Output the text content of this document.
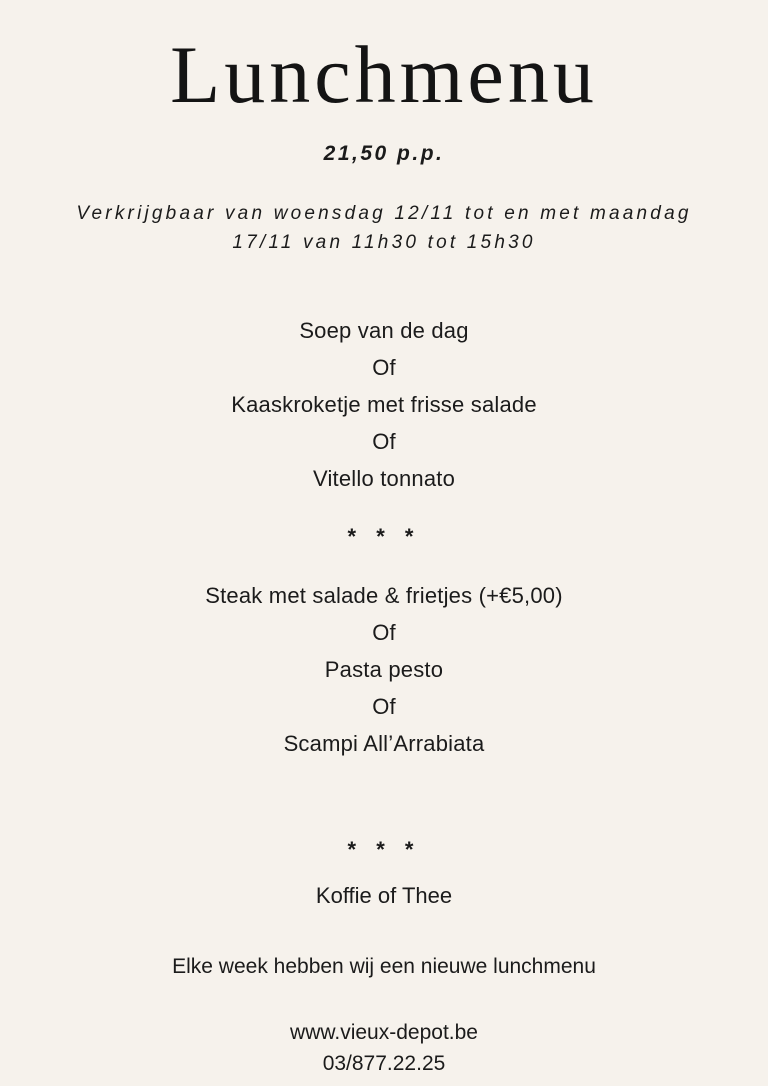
Lunchmenu
21,50 p.p.
Verkrijgbaar van woensdag 12/11 tot en met maandag 17/11 van 11h30 tot 15h30
Soep van de dag
Of
Kaaskroketje met frisse salade
Of
Vitello tonnato
* * *
Steak met salade & frietjes (+€5,00)
Of
Pasta pesto
Of
Scampi All’Arrabiata
* * *
Koffie of Thee
Elke week hebben wij een nieuwe lunchmenu
www.vieux-depot.be
03/877.22.25
